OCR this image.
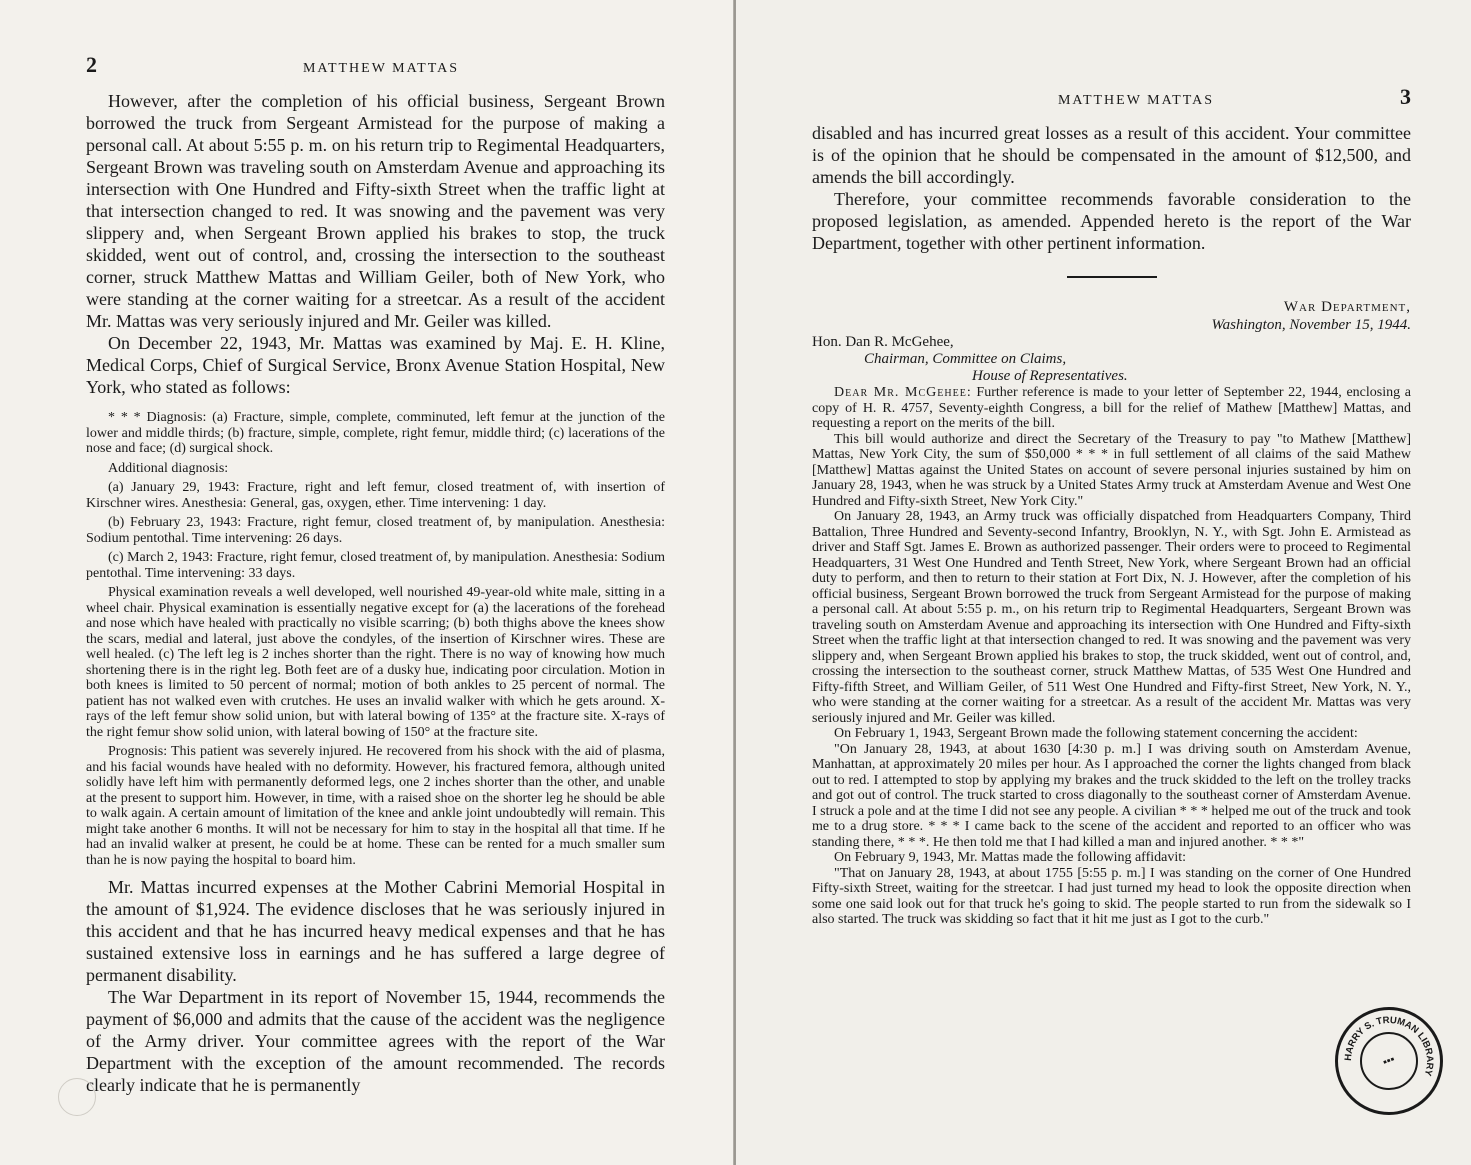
2	MATTHEW MATTAS

However, after the completion of his official business, Sergeant Brown borrowed the truck from Sergeant Armistead for the purpose of making a personal call. At about 5:55 p. m. on his return trip to Regimental Headquarters, Sergeant Brown was traveling south on Amsterdam Avenue and approaching its intersection with One Hundred and Fifty-sixth Street when the traffic light at that intersection changed to red. It was snowing and the pavement was very slippery and, when Sergeant Brown applied his brakes to stop, the truck skidded, went out of control, and, crossing the intersection to the southeast corner, struck Matthew Mattas and William Geiler, both of New York, who were standing at the corner waiting for a streetcar. As a result of the accident Mr. Mattas was very seriously injured and Mr. Geiler was killed.

On December 22, 1943, Mr. Mattas was examined by Maj. E. H. Kline, Medical Corps, Chief of Surgical Service, Bronx Avenue Station Hospital, New York, who stated as follows:

* * * Diagnosis: (a) Fracture, simple, complete, comminuted, left femur at the junction of the lower and middle thirds; (b) fracture, simple, complete, right femur, middle third; (c) lacerations of the nose and face; (d) surgical shock.

Additional diagnosis:

(a) January 29, 1943: Fracture, right and left femur, closed treatment of, with insertion of Kirschner wires. Anesthesia: General, gas, oxygen, ether. Time intervening: 1 day.

(b) February 23, 1943: Fracture, right femur, closed treatment of, by manipulation. Anesthesia: Sodium pentothal. Time intervening: 26 days.

(c) March 2, 1943: Fracture, right femur, closed treatment of, by manipulation. Anesthesia: Sodium pentothal. Time intervening: 33 days.

Physical examination reveals a well developed, well nourished 49-year-old white male, sitting in a wheel chair. Physical examination is essentially negative except for (a) the lacerations of the forehead and nose which have healed with practically no visible scarring; (b) both thighs above the knees show the scars, medial and lateral, just above the condyles, of the insertion of Kirschner wires. These are well healed. (c) The left leg is 2 inches shorter than the right. There is no way of knowing how much shortening there is in the right leg. Both feet are of a dusky hue, indicating poor circulation. Motion in both knees is limited to 50 percent of normal; motion of both ankles to 25 percent of normal. The patient has not walked even with crutches. He uses an invalid walker with which he gets around. X-rays of the left femur show solid union, but with lateral bowing of 135° at the fracture site. X-rays of the right femur show solid union, with lateral bowing of 150° at the fracture site.

Prognosis: This patient was severely injured. He recovered from his shock with the aid of plasma, and his facial wounds have healed with no deformity. However, his fractured femora, although united solidly have left him with permanently deformed legs, one 2 inches shorter than the other, and unable at the present to support him. However, in time, with a raised shoe on the shorter leg he should be able to walk again. A certain amount of limitation of the knee and ankle joint undoubtedly will remain. This might take another 6 months. It will not be necessary for him to stay in the hospital all that time. If he had an invalid walker at present, he could be at home. These can be rented for a much smaller sum than he is now paying the hospital to board him.

Mr. Mattas incurred expenses at the Mother Cabrini Memorial Hospital in the amount of $1,924. The evidence discloses that he was seriously injured in this accident and that he has incurred heavy medical expenses and that he has sustained extensive loss in earnings and he has suffered a large degree of permanent disability.

The War Department in its report of November 15, 1944, recommends the payment of $6,000 and admits that the cause of the accident was the negligence of the Army driver. Your committee agrees with the report of the War Department with the exception of the amount recommended. The records clearly indicate that he is permanently

MATTHEW MATTAS	3

disabled and has incurred great losses as a result of this accident. Your committee is of the opinion that he should be compensated in the amount of $12,500, and amends the bill accordingly.

Therefore, your committee recommends favorable consideration to the proposed legislation, as amended. Appended hereto is the report of the War Department, together with other pertinent information.

War Department,
Washington, November 15, 1944.
Hon. Dan R. McGehee,
Chairman, Committee on Claims,
House of Representatives.

Dear Mr. McGehee: Further reference is made to your letter of September 22, 1944, enclosing a copy of H. R. 4757, Seventy-eighth Congress, a bill for the relief of Mathew [Matthew] Mattas, and requesting a report on the merits of the bill.

This bill would authorize and direct the Secretary of the Treasury to pay "to Mathew [Matthew] Mattas, New York City, the sum of $50,000 * * * in full settlement of all claims of the said Mathew [Matthew] Mattas against the United States on account of severe personal injuries sustained by him on January 28, 1943, when he was struck by a United States Army truck at Amsterdam Avenue and West One Hundred and Fifty-sixth Street, New York City."

On January 28, 1943, an Army truck was officially dispatched from Headquarters Company, Third Battalion, Three Hundred and Seventy-second Infantry, Brooklyn, N. Y., with Sgt. John E. Armistead as driver and Staff Sgt. James E. Brown as authorized passenger. Their orders were to proceed to Regimental Headquarters, 31 West One Hundred and Tenth Street, New York, where Sergeant Brown had an official duty to perform, and then to return to their station at Fort Dix, N. J. However, after the completion of his official business, Sergeant Brown borrowed the truck from Sergeant Armistead for the purpose of making a personal call. At about 5:55 p. m., on his return trip to Regimental Headquarters, Sergeant Brown was traveling south on Amsterdam Avenue and approaching its intersection with One Hundred and Fifty-sixth Street when the traffic light at that intersection changed to red. It was snowing and the pavement was very slippery and, when Sergeant Brown applied his brakes to stop, the truck skidded, went out of control, and, crossing the intersection to the southeast corner, struck Matthew Mattas, of 535 West One Hundred and Fifty-fifth Street, and William Geiler, of 511 West One Hundred and Fifty-first Street, New York, N. Y., who were standing at the corner waiting for a streetcar. As a result of the accident Mr. Mattas was very seriously injured and Mr. Geiler was killed.

On February 1, 1943, Sergeant Brown made the following statement concerning the accident:

"On January 28, 1943, at about 1630 [4:30 p. m.] I was driving south on Amsterdam Avenue, Manhattan, at approximately 20 miles per hour. As I approached the corner the lights changed from black out to red. I attempted to stop by applying my brakes and the truck skidded to the left on the trolley tracks and got out of control. The truck started to cross diagonally to the southeast corner of Amsterdam Avenue. I struck a pole and at the time I did not see any people. A civilian * * * helped me out of the truck and took me to a drug store. * * * I came back to the scene of the accident and reported to an officer who was standing there, * * *. He then told me that I had killed a man and injured another. * * *"

On February 9, 1943, Mr. Mattas made the following affidavit:

"That on January 28, 1943, at about 1755 [5:55 p. m.] I was standing on the corner of One Hundred Fifty-sixth Street, waiting for the streetcar. I had just turned my head to look the opposite direction when some one said look out for that truck he's going to skid. The people started to run from the sidewalk so I also started. The truck was skidding so fact that it hit me just as I got to the curb."

HARRY S. TRUMAN LIBRARY
▪▪▪
